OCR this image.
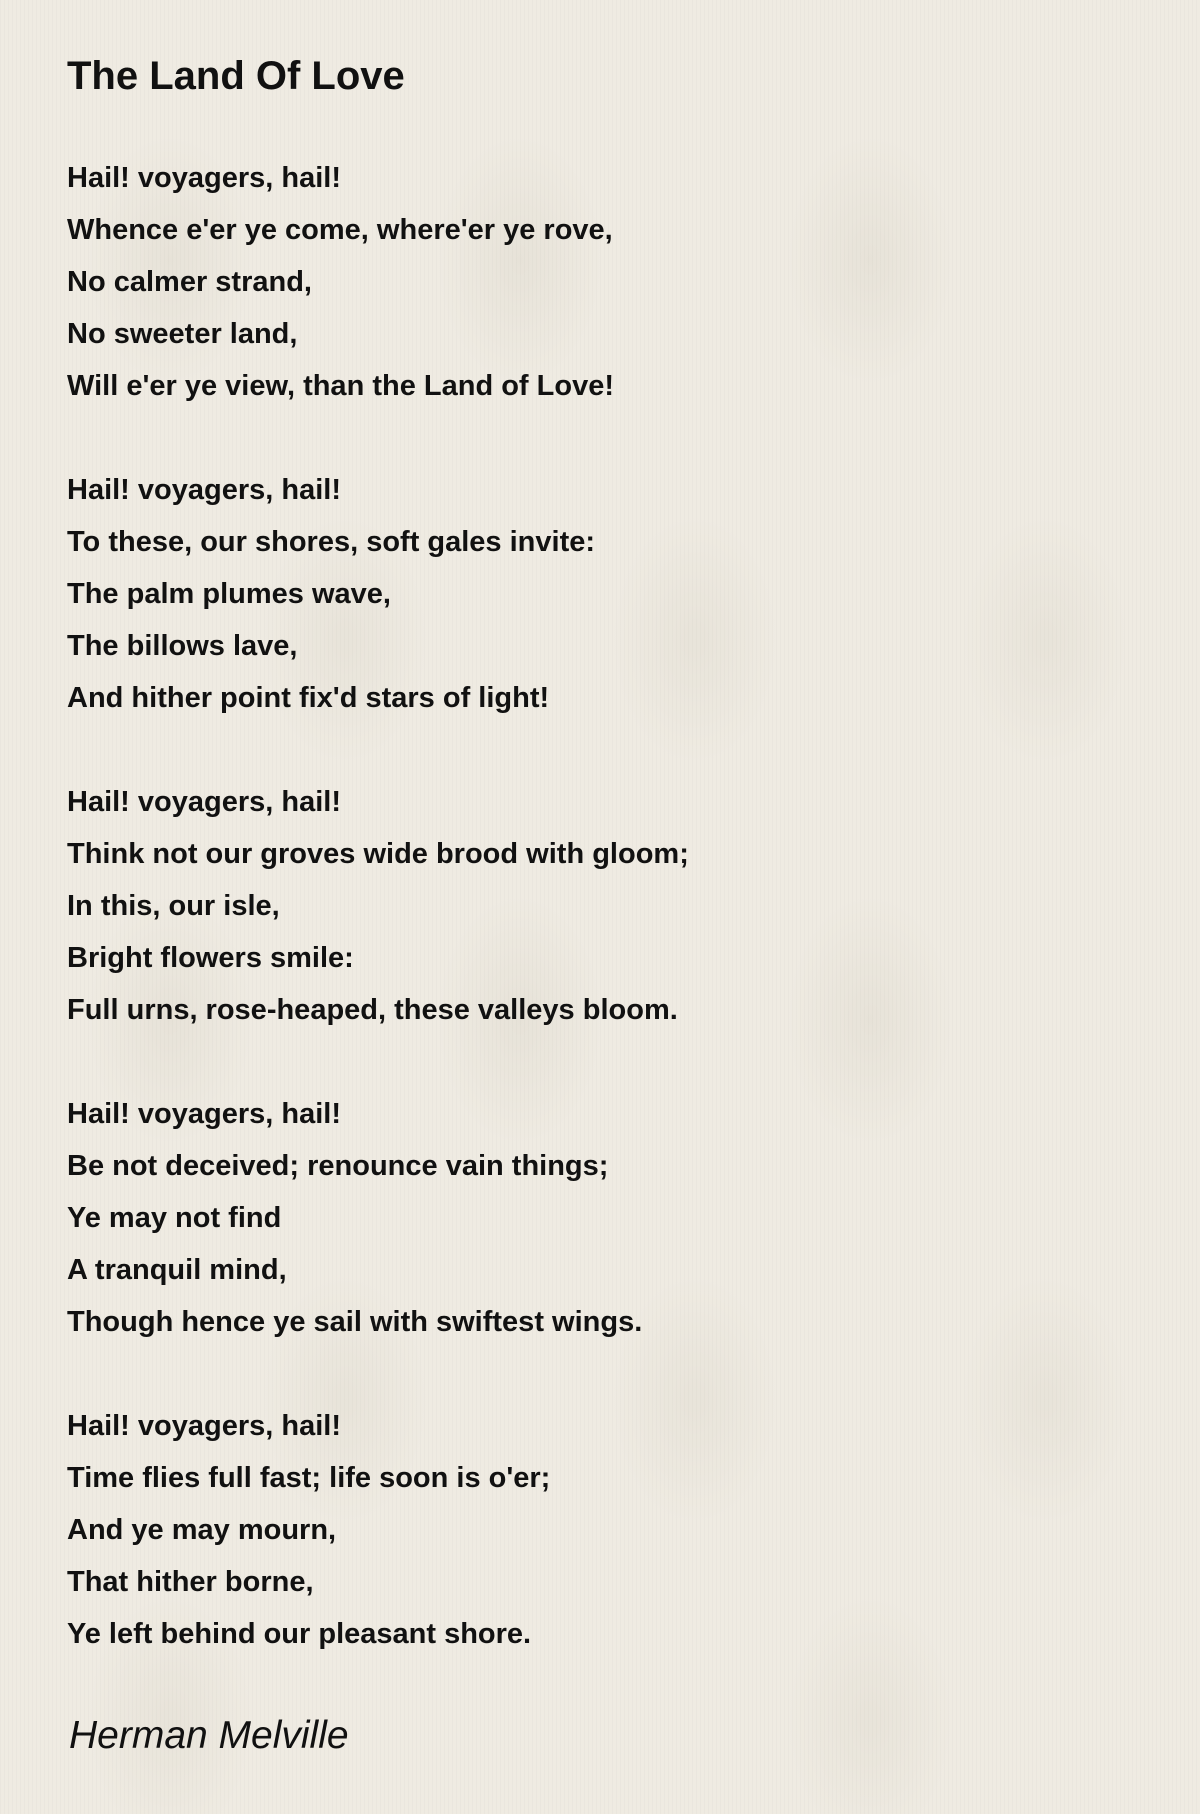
The Land Of Love
Hail! voyagers, hail!
Whence e'er ye come, where'er ye rove,
No calmer strand,
No sweeter land,
Will e'er ye view, than the Land of Love!
Hail! voyagers, hail!
To these, our shores, soft gales invite:
The palm plumes wave,
The billows lave,
And hither point fix'd stars of light!
Hail! voyagers, hail!
Think not our groves wide brood with gloom;
In this, our isle,
Bright flowers smile:
Full urns, rose-heaped, these valleys bloom.
Hail! voyagers, hail!
Be not deceived; renounce vain things;
Ye may not find
A tranquil mind,
Though hence ye sail with swiftest wings.
Hail! voyagers, hail!
Time flies full fast; life soon is o'er;
And ye may mourn,
That hither borne,
Ye left behind our pleasant shore.
Herman Melville
